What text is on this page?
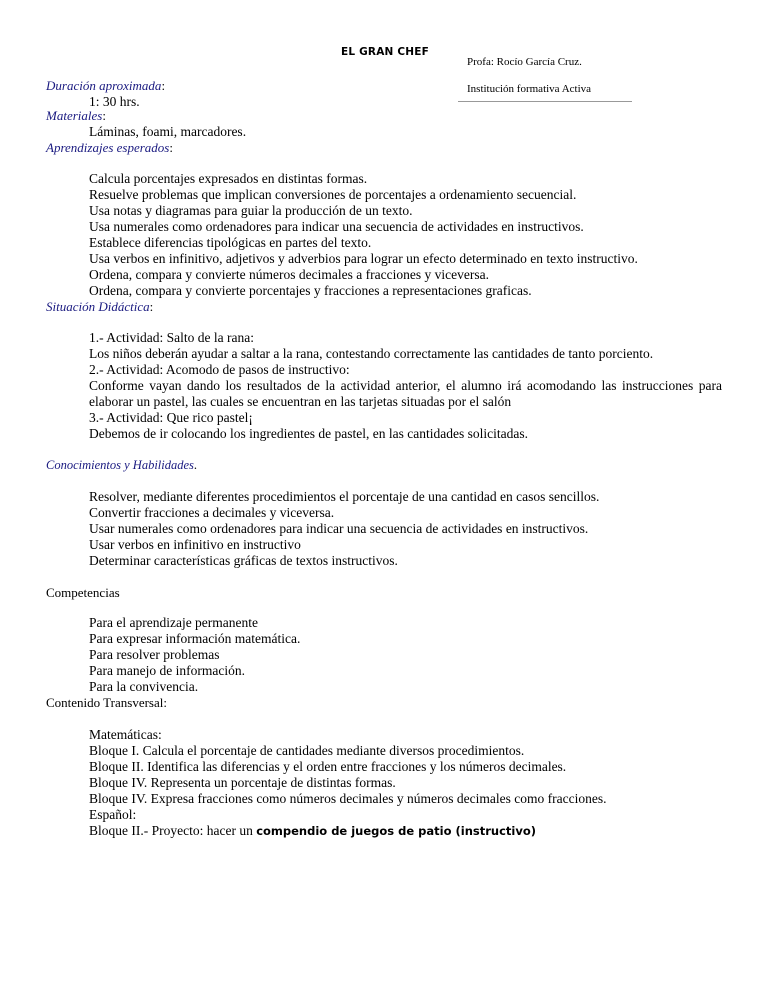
EL GRAN CHEF
Profa: Rocío García Cruz.
Institución formativa Activa
Duración aproximada:
1: 30 hrs.
Materiales:
Láminas, foami, marcadores.
Aprendizajes esperados:
Calcula porcentajes expresados en distintas formas.
Resuelve problemas que implican conversiones de porcentajes a ordenamiento secuencial.
Usa notas y diagramas para guiar la producción de un texto.
Usa numerales como ordenadores para indicar una secuencia de actividades en instructivos.
Establece diferencias tipológicas en partes del texto.
Usa verbos en infinitivo, adjetivos y adverbios para lograr un efecto determinado en texto instructivo.
Ordena, compara y convierte números decimales a fracciones y viceversa.
Ordena, compara y convierte porcentajes y fracciones a representaciones graficas.
Situación Didáctica:
1.- Actividad: Salto de la rana:
Los niños deberán ayudar a saltar a la rana, contestando correctamente las cantidades de tanto porciento.
2.- Actividad: Acomodo de pasos de instructivo:
Conforme vayan dando los resultados de la actividad anterior, el alumno irá acomodando las instrucciones para
elaborar un pastel, las cuales se encuentran en las tarjetas situadas por el salón
3.- Actividad: Que rico pastel¡
Debemos de ir colocando los ingredientes de pastel, en las cantidades solicitadas.
Conocimientos y Habilidades.
Resolver, mediante diferentes procedimientos el porcentaje de una cantidad en casos sencillos.
Convertir fracciones a decimales y viceversa.
Usar numerales como ordenadores para indicar una secuencia de actividades en instructivos.
Usar verbos en infinitivo en instructivo
Determinar características gráficas de textos instructivos.
Competencias
Para el aprendizaje permanente
Para expresar información matemática.
Para resolver problemas
Para manejo de información.
Para la convivencia.
Contenido Transversal:
Matemáticas:
Bloque I. Calcula el porcentaje de cantidades mediante diversos procedimientos.
Bloque II. Identifica las diferencias y el orden entre fracciones y los números decimales.
Bloque IV. Representa un porcentaje de distintas formas.
Bloque IV. Expresa fracciones como números decimales y números decimales como fracciones.
Español:
Bloque II.- Proyecto: hacer un compendio de juegos de patio (instructivo)
